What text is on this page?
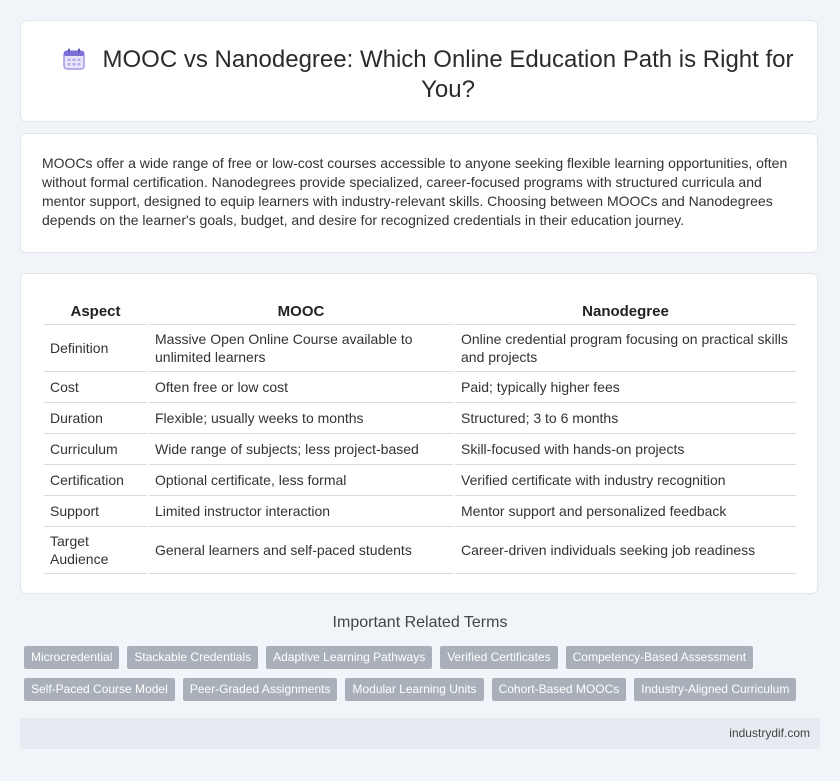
MOOC vs Nanodegree: Which Online Education Path is Right for You?

MOOCs offer a wide range of free or low-cost courses accessible to anyone seeking flexible learning opportunities, often without formal certification. Nanodegrees provide specialized, career-focused programs with structured curricula and mentor support, designed to equip learners with industry-relevant skills. Choosing between MOOCs and Nanodegrees depends on the learner's goals, budget, and desire for recognized credentials in their education journey.

Aspect	MOOC	Nanodegree
Definition	Massive Open Online Course available to unlimited learners	Online credential program focusing on practical skills and projects
Cost	Often free or low cost	Paid; typically higher fees
Duration	Flexible; usually weeks to months	Structured; 3 to 6 months
Curriculum	Wide range of subjects; less project-based	Skill-focused with hands-on projects
Certification	Optional certificate, less formal	Verified certificate with industry recognition
Support	Limited instructor interaction	Mentor support and personalized feedback
Target Audience	General learners and self-paced students	Career-driven individuals seeking job readiness
Important Related Terms
Microcredential	Stackable Credentials	Adaptive Learning Pathways	Verified Certificates	Competency-Based Assessment
Self-Paced Course Model	Peer-Graded Assignments	Modular Learning Units	Cohort-Based MOOCs	Industry-Aligned Curriculum
industrydif.com
